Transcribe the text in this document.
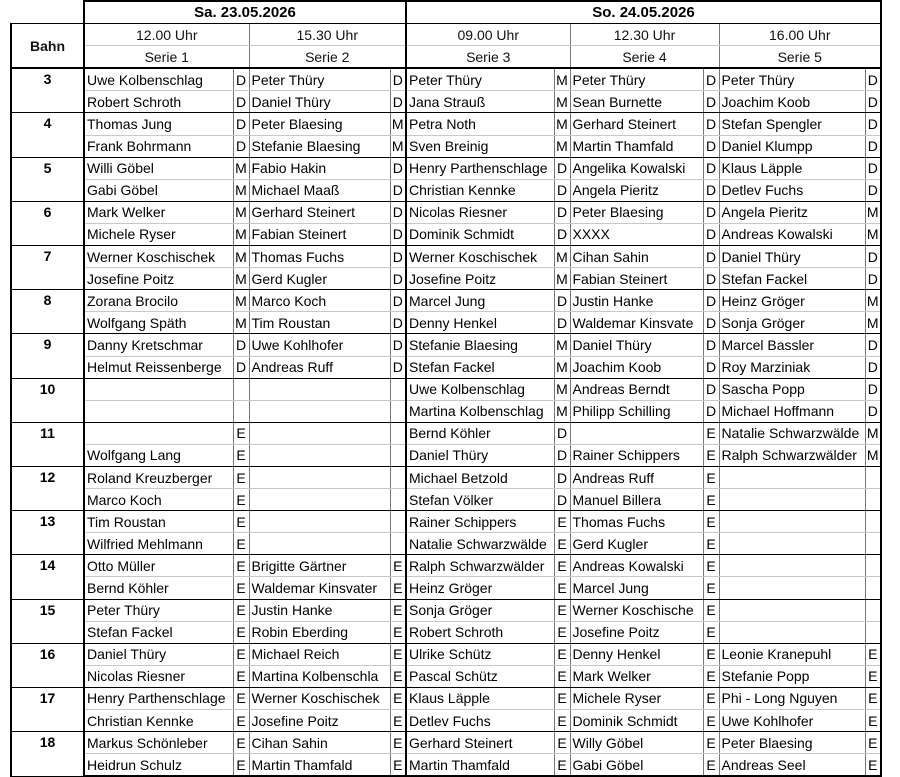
	Sa. 23.05.2026				So. 24.05.2026					
Bahn	12.00 Uhr		15.30 Uhr		09.00 Uhr		12.30 Uhr		16.00 Uhr	
	Serie 1		Serie 2		Serie 3		Serie 4		Serie 5	
3	Uwe Kolbenschlag	D	Peter Thüry	D	Peter Thüry	M	Peter Thüry	D	Peter Thüry	D
	Robert Schroth	D	Daniel Thüry	D	Jana Strauß	M	Sean Burnette	D	Joachim Koob	D
4	Thomas Jung	D	Peter Blaesing	M	Petra Noth	M	Gerhard Steinert	D	Stefan Spengler	D
	Frank Bohrmann	D	Stefanie Blaesing	M	Sven Breinig	M	Martin Thamfald	D	Daniel Klumpp	D
5	Willi Göbel	M	Fabio Hakin	D	Henry Parthenschlage	D	Angelika Kowalski	D	Klaus Läpple	D
	Gabi Göbel	M	Michael Maaß	D	Christian Kennke	D	Angela Pieritz	D	Detlev Fuchs	D
6	Mark Welker	M	Gerhard Steinert	D	Nicolas Riesner	D	Peter Blaesing	D	Angela Pieritz	M
	Michele Ryser	M	Fabian Steinert	D	Dominik Schmidt	D	XXXX	D	Andreas Kowalski	M
7	Werner Koschischek	M	Thomas Fuchs	D	Werner Koschischek	M	Cihan Sahin	D	Daniel Thüry	D
	Josefine Poitz	M	Gerd Kugler	D	Josefine Poitz	M	Fabian Steinert	D	Stefan Fackel	D
8	Zorana Brocilo	M	Marco Koch	D	Marcel Jung	D	Justin Hanke	D	Heinz Gröger	M
	Wolfgang Späth	M	Tim Roustan	D	Denny Henkel	D	Waldemar Kinsvate	D	Sonja Gröger	M
9	Danny Kretschmar	D	Uwe Kohlhofer	D	Stefanie Blaesing	M	Daniel Thüry	D	Marcel Bassler	D
	Helmut Reissenberge	D	Andreas Ruff	D	Stefan Fackel	M	Joachim Koob	D	Roy Marziniak	D
10					Uwe Kolbenschlag	M	Andreas Berndt	D	Sascha Popp	D
					Martina Kolbenschlag	M	Philipp Schilling	D	Michael Hoffmann	D
11		E			Bernd Köhler	D		E	Natalie Schwarzwälde	M
	Wolfgang Lang	E			Daniel Thüry	D	Rainer Schippers	E	Ralph Schwarzwälder	M
12	Roland Kreuzberger	E			Michael Betzold	D	Andreas Ruff	E		
	Marco Koch	E			Stefan Völker	D	Manuel Billera	E		
13	Tim Roustan	E			Rainer Schippers	E	Thomas Fuchs	E		
	Wilfried Mehlmann	E			Natalie Schwarzwälde	E	Gerd Kugler	E		
14	Otto Müller	E	Brigitte Gärtner	E	Ralph Schwarzwälder	E	Andreas Kowalski	E		
	Bernd Köhler	E	Waldemar Kinsvater	E	Heinz Gröger	E	Marcel Jung	E		
15	Peter Thüry	E	Justin Hanke	E	Sonja Gröger	E	Werner Koschische	E		
	Stefan Fackel	E	Robin Eberding	E	Robert Schroth	E	Josefine Poitz	E		
16	Daniel Thüry	E	Michael Reich	E	Ulrike Schütz	E	Denny Henkel	E	Leonie Kranepuhl	E
	Nicolas Riesner	E	Martina Kolbenschla	E	Pascal Schütz	E	Mark Welker	E	Stefanie Popp	E
17	Henry Parthenschlage	E	Werner Koschischek	E	Klaus Läpple	E	Michele Ryser	E	Phi - Long Nguyen	E
	Christian Kennke	E	Josefine Poitz	E	Detlev Fuchs	E	Dominik Schmidt	E	Uwe Kohlhofer	E
18	Markus Schönleber	E	Cihan Sahin	E	Gerhard Steinert	E	Willy Göbel	E	Peter Blaesing	E
	Heidrun Schulz	E	Martin Thamfald	E	Martin Thamfald	E	Gabi Göbel	E	Andreas Seel	E
